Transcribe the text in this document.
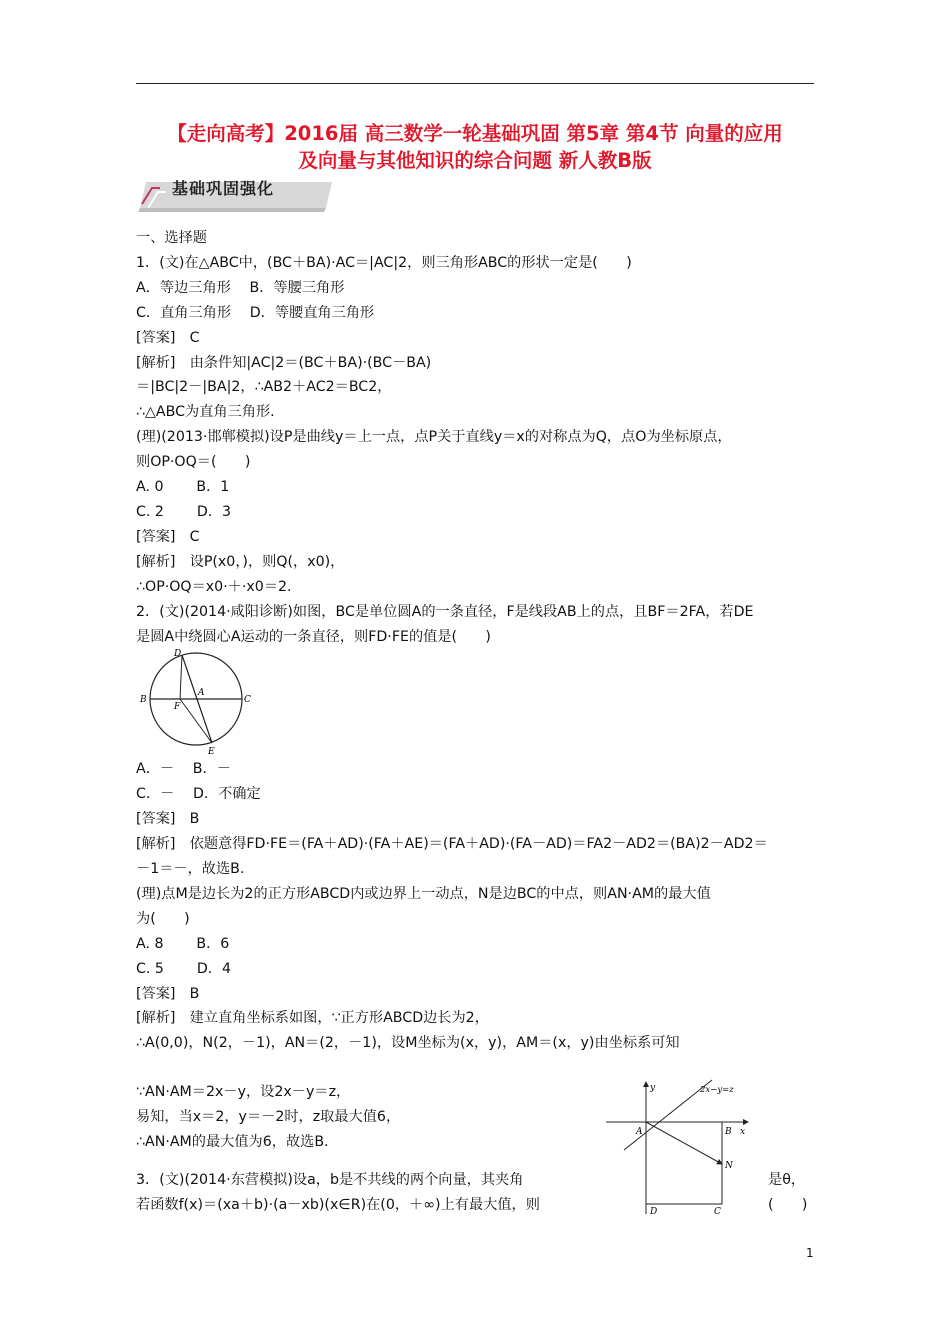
【走向高考】2016届 高三数学一轮基础巩固 第5章 第4节 向量的应用
及向量与其他知识的综合问题 新人教B版
基础巩固强化
一、选择题
1．(文)在△ABC中，(BC＋BA)·AC＝|AC|2，则三角形ABC的形状一定是(　　)
A．等边三角形　 B．等腰三角形
C．直角三角形　 D．等腰直角三角形
[答案]　C
[解析]　由条件知|AC|2＝(BC＋BA)·(BC－BA)
＝|BC|2－|BA|2，∴AB2＋AC2＝BC2，
∴△ABC为直角三角形.
(理)(2013·邯郸模拟)设P是曲线y＝上一点，点P关于直线y＝x的对称点为Q，点O为坐标原点，
则OP·OQ＝(　　)
A. 0　　 B．1
C. 2　　 D．3
[答案]　C
[解析]　设P(x0，)，则Q(，x0)，
∴OP·OQ＝x0·＋·x0＝2.
2．(文)(2014·咸阳诊断)如图，BC是单位圆A的一条直径，F是线段AB上的点，且BF＝2FA，若DE
是圆A中绕圆心A运动的一条直径，则FD·FE的值是(　　)
D
B
A
F
C
E
A．－　 B．－
C．－　 D．不确定
[答案]　B
[解析]　依题意得FD·FE＝(FA＋AD)·(FA＋AE)＝(FA＋AD)·(FA－AD)＝FA2－AD2＝(BA)2－AD2＝
－1＝－，故选B.
(理)点M是边长为2的正方形ABCD内或边界上一动点，N是边BC的中点，则AN·AM的最大值
为(　　)
A. 8　　 B．6
C. 5　　 D．4
[答案]　B
[解析]　建立直角坐标系如图，∵正方形ABCD边长为2，
∴A(0,0)，N(2，－1)，AN＝(2，－1)，设M坐标为(x，y)，AM＝(x，y)由坐标系可知
∵AN·AM＝2x－y，设2x－y＝z，
易知，当x＝2，y＝－2时，z取最大值6，
∴AN·AM的最大值为6，故选B.
y	2x−y=z
A	B x
N
D	C
3．(文)(2014·东营模拟)设a，b是不共线的两个向量，其夹角	是θ，
若函数f(x)＝(xa＋b)·(a－xb)(x∈R)在(0，＋∞)上有最大值，则	(　　)
1
